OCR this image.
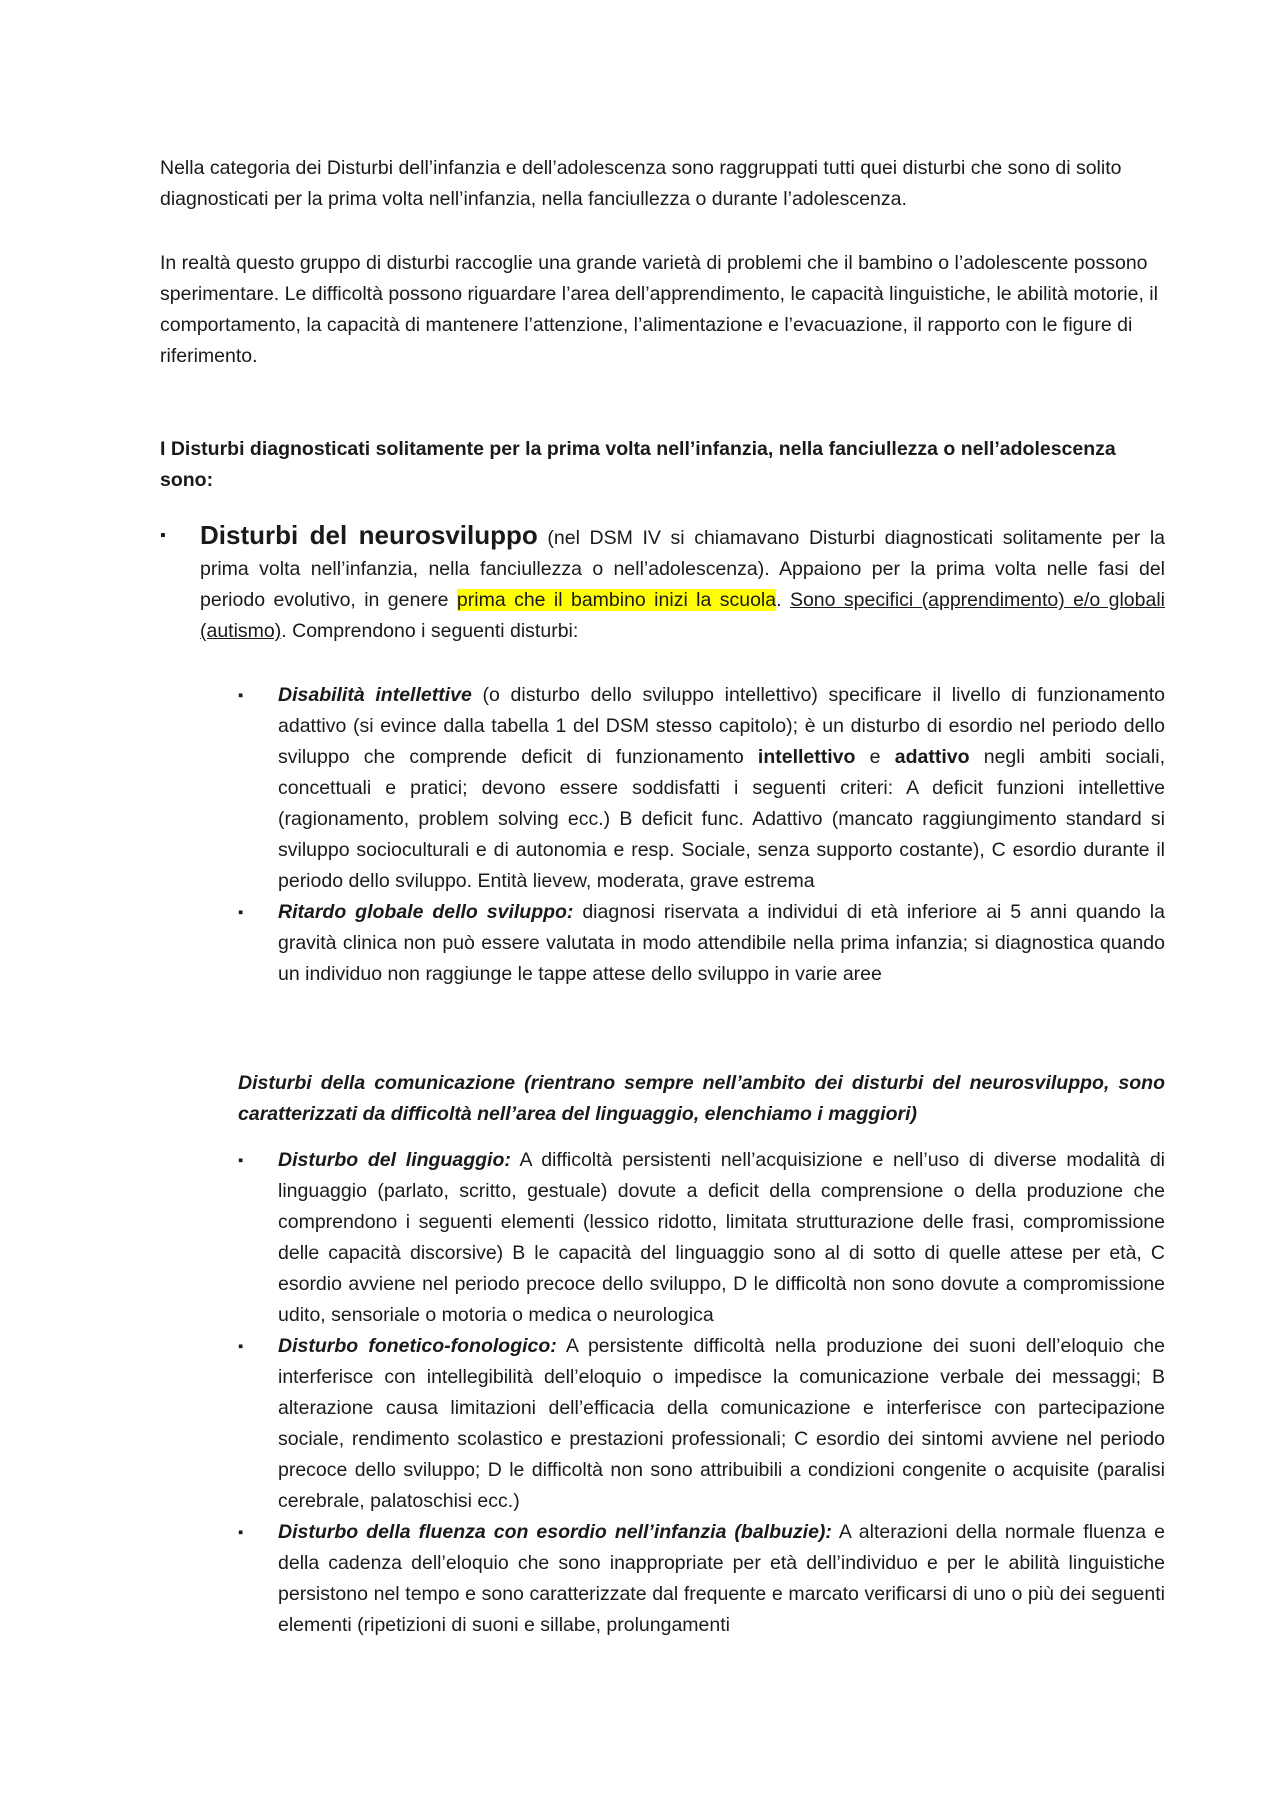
Nella categoria dei Disturbi dell’infanzia e dell’adolescenza sono raggruppati tutti quei disturbi che sono di solito diagnosticati per la prima volta nell’infanzia, nella fanciullezza o durante l’adolescenza.

In realtà questo gruppo di disturbi raccoglie una grande varietà di problemi che il bambino o l’adolescente possono sperimentare. Le difficoltà possono riguardare l’area dell’apprendimento, le capacità linguistiche, le abilità motorie, il comportamento, la capacità di mantenere l’attenzione, l’alimentazione e l’evacuazione, il rapporto con le figure di riferimento.

I Disturbi diagnosticati solitamente per la prima volta nell’infanzia, nella fanciullezza o nell’adolescenza sono:

▪ Disturbi del neurosviluppo (nel DSM IV si chiamavano Disturbi diagnosticati solitamente per la prima volta nell’infanzia, nella fanciullezza o nell’adolescenza). Appaiono per la prima volta nelle fasi del periodo evolutivo, in genere prima che il bambino inizi la scuola. Sono specifici (apprendimento) e/o globali (autismo). Comprendono i seguenti disturbi:
▪ Disabilità intellettive (o disturbo dello sviluppo intellettivo) specificare il livello di funzionamento adattivo (si evince dalla tabella 1 del DSM stesso capitolo); è un disturbo di esordio nel periodo dello sviluppo che comprende deficit di funzionamento intellettivo e adattivo negli ambiti sociali, concettuali e pratici; devono essere soddisfatti i seguenti criteri: A deficit funzioni intellettive (ragionamento, problem solving ecc.) B deficit func. Adattivo (mancato raggiungimento standard si sviluppo socioculturali e di autonomia e resp. Sociale, senza supporto costante), C esordio durante il periodo dello sviluppo. Entità lievew, moderata, grave estrema
▪ Ritardo globale dello sviluppo: diagnosi riservata a individui di età inferiore ai 5 anni quando la gravità clinica non può essere valutata in modo attendibile nella prima infanzia; si diagnostica quando un individuo non raggiunge le tappe attese dello sviluppo in varie aree

Disturbi della comunicazione (rientrano sempre nell’ambito dei disturbi del neurosviluppo, sono caratterizzati da difficoltà nell’area del linguaggio, elenchiamo i maggiori)

▪ Disturbo del linguaggio: A difficoltà persistenti nell’acquisizione e nell’uso di diverse modalità di linguaggio (parlato, scritto, gestuale) dovute a deficit della comprensione o della produzione che comprendono i seguenti elementi (lessico ridotto, limitata strutturazione delle frasi, compromissione delle capacità discorsive) B le capacità del linguaggio sono al di sotto di quelle attese per età, C esordio avviene nel periodo precoce dello sviluppo, D le difficoltà non sono dovute a compromissione udito, sensoriale o motoria o medica o neurologica
▪ Disturbo fonetico-fonologico: A persistente difficoltà nella produzione dei suoni dell’eloquio che interferisce con intellegibilità dell’eloquio o impedisce la comunicazione verbale dei messaggi; B alterazione causa limitazioni dell’efficacia della comunicazione e interferisce con partecipazione sociale, rendimento scolastico e prestazioni professionali; C esordio dei sintomi avviene nel periodo precoce dello sviluppo; D le difficoltà non sono attribuibili a condizioni congenite o acquisite (paralisi cerebrale, palatoschisi ecc.)
▪ Disturbo della fluenza con esordio nell’infanzia (balbuzie): A alterazioni della normale fluenza e della cadenza dell’eloquio che sono inappropriate per età dell’individuo e per le abilità linguistiche persistono nel tempo e sono caratterizzate dal frequente e marcato verificarsi di uno o più dei seguenti elementi (ripetizioni di suoni e sillabe, prolungamenti
